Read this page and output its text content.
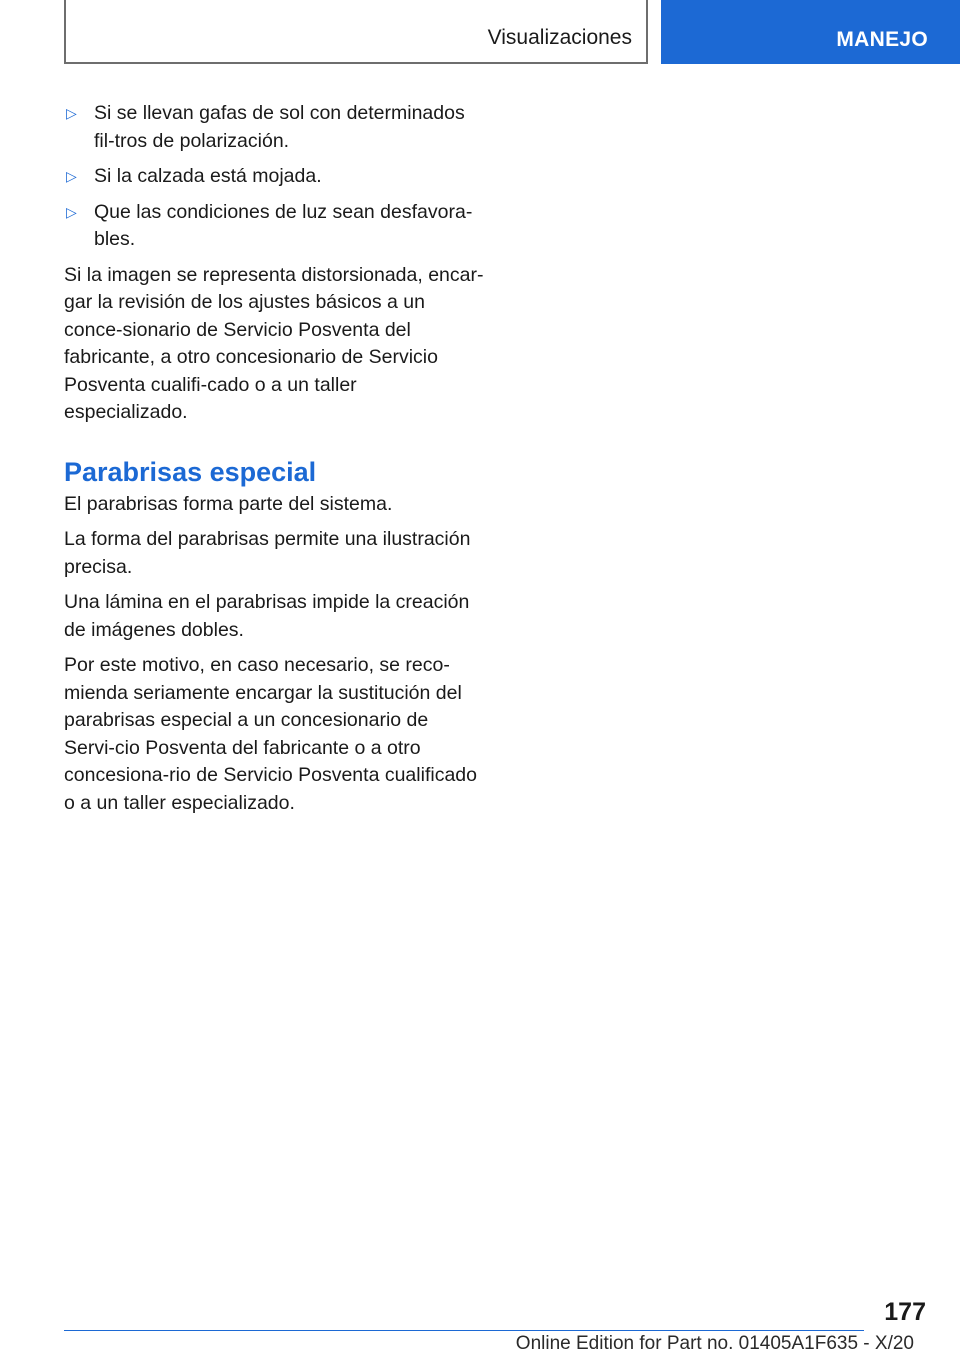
Visualizaciones	MANEJO
▷ Si se llevan gafas de sol con determinados fil-tros de polarización.
▷ Si la calzada está mojada.
▷ Que las condiciones de luz sean desfavora-bles.

Si la imagen se representa distorsionada, encar-gar la revisión de los ajustes básicos a un conce-sionario de Servicio Posventa del fabricante, a otro concesionario de Servicio Posventa cualifi-cado o a un taller especializado.

Parabrisas especial

El parabrisas forma parte del sistema.

La forma del parabrisas permite una ilustración precisa.

Una lámina en el parabrisas impide la creación de imágenes dobles.

Por este motivo, en caso necesario, se reco-mienda seriamente encargar la sustitución del parabrisas especial a un concesionario de Servi-cio Posventa del fabricante o a otro concesiona-rio de Servicio Posventa cualificado o a un taller especializado.

177
Online Edition for Part no. 01405A1F635 - X/20
